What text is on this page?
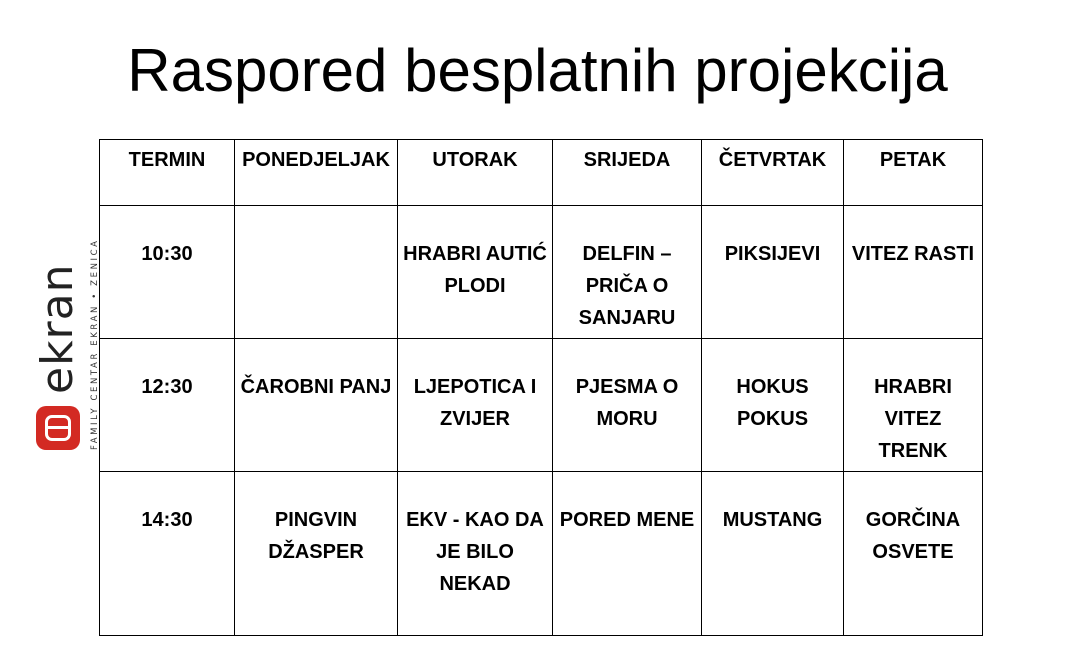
Raspored besplatnih projekcija
ekran FAMILY CENTAR EKRAN • ZENICA
TERMIN	PONEDJELJAK	UTORAK	SRIJEDA	ČETVRTAK	PETAK

10:30		HRABRI AUTIĆ PLODI	DELFIN – PRIČA O SANJARU	PIKSIJEVI	VITEZ RASTI

12:30	ČAROBNI PANJ	LJEPOTICA I ZVIJER	PJESMA O MORU	HOKUS POKUS	HRABRI VITEZ TRENK

14:30	PINGVIN DŽASPER	EKV - KAO DA JE BILO NEKAD	PORED MENE	MUSTANG	GORČINA OSVETE
